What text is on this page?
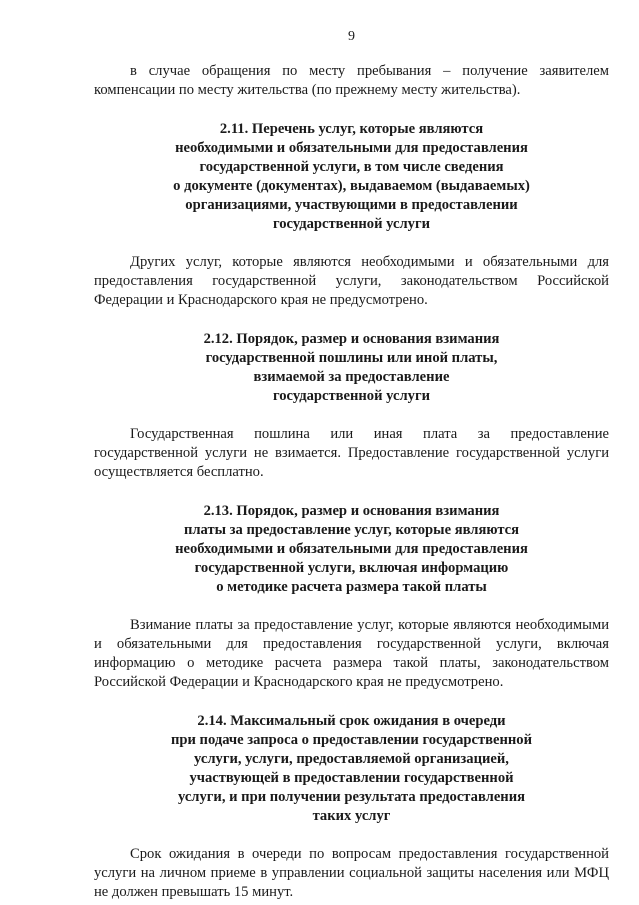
9

в случае обращения по месту пребывания – получение заявителем компенсации по месту жительства (по прежнему месту жительства).

2.11. Перечень услуг, которые являются
необходимыми и обязательными для предоставления
государственной услуги, в том числе сведения
о документе (документах), выдаваемом (выдаваемых)
организациями, участвующими в предоставлении
государственной услуги

Других услуг, которые являются необходимыми и обязательными для предоставления государственной услуги, законодательством Российской Федерации и Краснодарского края не предусмотрено.

2.12. Порядок, размер и основания взимания
государственной пошлины или иной платы,
взимаемой за предоставление
государственной услуги

Государственная пошлина или иная плата за предоставление государственной услуги не взимается. Предоставление государственной услуги осуществляется бесплатно.

2.13. Порядок, размер и основания взимания
платы за предоставление услуг, которые являются
необходимыми и обязательными для предоставления
государственной услуги, включая информацию
о методике расчета размера такой платы

Взимание платы за предоставление услуг, которые являются необходимыми и обязательными для предоставления государственной услуги, включая информацию о методике расчета размера такой платы, законодательством Российской Федерации и Краснодарского края не предусмотрено.

2.14. Максимальный срок ожидания в очереди
при подаче запроса о предоставлении государственной
услуги, услуги, предоставляемой организацией,
участвующей в предоставлении государственной
услуги, и при получении результата предоставления
таких услуг

Срок ожидания в очереди по вопросам предоставления государственной услуги на личном приеме в управлении социальной защиты населения или МФЦ не должен превышать 15 минут.
